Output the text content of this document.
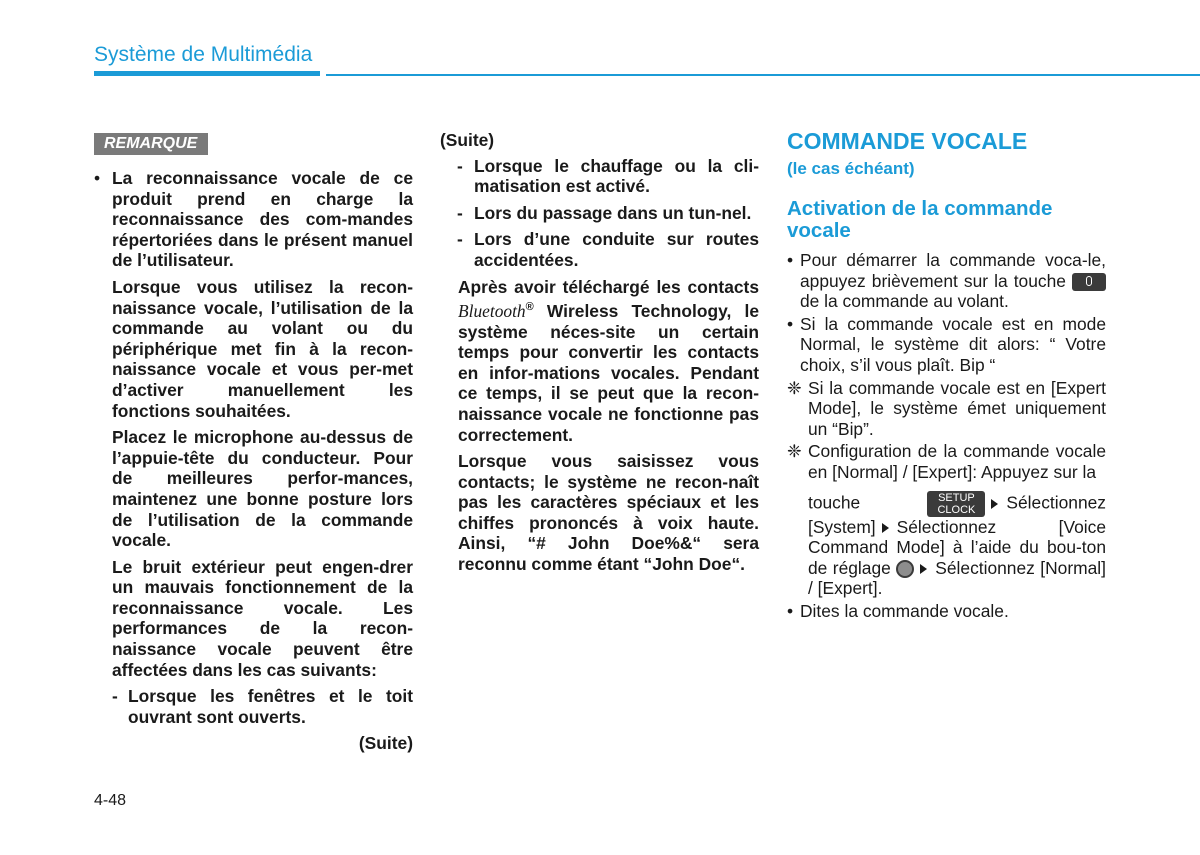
Système de Multimédia
REMARQUE
• La reconnaissance vocale de ce produit prend en charge la reconnaissance des com-mandes répertoriées dans le présent manuel de l’utilisateur.
Lorsque vous utilisez la recon-naissance vocale, l’utilisation de la commande au volant ou du périphérique met fin à la recon-naissance vocale et vous per-met d’activer manuellement les fonctions souhaitées.
Placez le microphone au-dessus de l’appuie-tête du conducteur. Pour de meilleures perfor-mances, maintenez une bonne posture lors de l’utilisation de la commande vocale.
Le bruit extérieur peut engen-drer un mauvais fonctionnement de la reconnaissance vocale. Les performances de la recon-naissance vocale peuvent être affectées dans les cas suivants:
- Lorsque les fenêtres et le toit ouvrant sont ouverts.
(Suite)
(Suite)
- Lorsque le chauffage ou la cli-matisation est activé.
- Lors du passage dans un tun-nel.
- Lors d’une conduite sur routes accidentées.
Après avoir téléchargé les contacts Bluetooth® Wireless Technology, le système néces-site un certain temps pour convertir les contacts en infor-mations vocales. Pendant ce temps, il se peut que la recon-naissance vocale ne fonctionne pas correctement.
Lorsque vous saisissez vous contacts; le système ne recon-naît pas les caractères spéciaux et les chiffes prononcés à voix haute. Ainsi, “# John Doe%&“ sera reconnu comme étant “John Doe“.
COMMANDE VOCALE
(le cas échéant)
Activation de la commande vocale
• Pour démarrer la commande voca-le, appuyez brièvement sur la touche  de la commande au volant.
• Si la commande vocale est en mode Normal, le système dit alors: “ Votre choix, s’il vous plaît. Bip “
❈ Si la commande vocale est en [Expert Mode], le système émet uniquement un “Bip”.
❈ Configuration de la commande vocale en [Normal] / [Expert]: Appuyez sur la
touche	SETUP
CLOCK Sélectionnez [System] Sélectionnez [Voice Command Mode] à l’aide du bou-ton de réglage	Sélectionnez [Normal] / [Expert].
• Dites la commande vocale.
4-48
